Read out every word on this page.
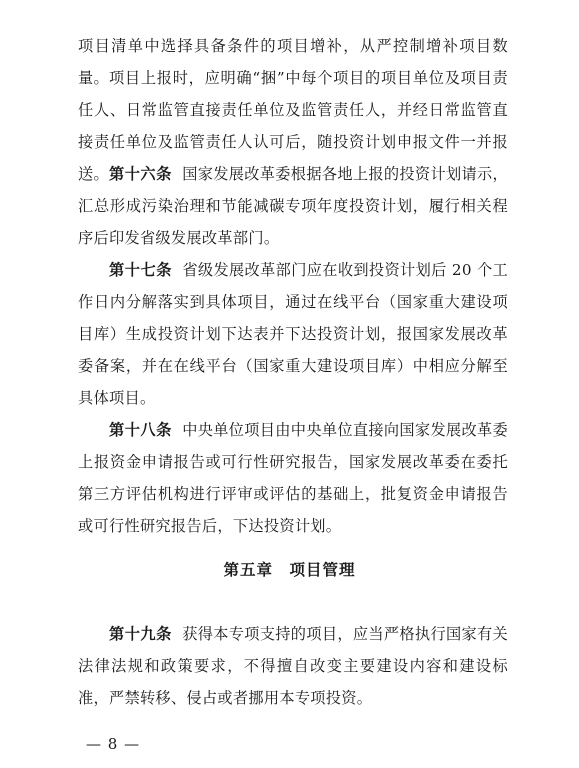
项目清单中选择具备条件的项目增补，从严控制增补项目数量。 项目上报时，应明确“捆”中每个项目的项目单位及项目责任人、日常监管直接责任单位及监管责任人，并经日常监管直接责任单位及监管责任人认可后，随投资计划申报文件一并报送。 第十六条 国家发展改革委根据各地上报的投资计划请示，汇总形成污染治理和节能减碳专项年度投资计划，履行相关程序后印发省级发展改革部门。

第十七条 省级发展改革部门应在收到投资计划后 20 个工作日内分解落实到具体项目，通过在线平台（国家重大建设项目库）生成投资计划下达表并下达投资计划，报国家发展改革委备案，并在在线平台（国家重大建设项目库）中相应分解至具体项目。

第十八条 中央单位项目由中央单位直接向国家发展改革委上报资金申请报告或可行性研究报告，国家发展改革委在委托第三方评估机构进行评审或评估的基础上，批复资金申请报告或可行性研究报告后，下达投资计划。

第五章　项目管理

第十九条 获得本专项支持的项目，应当严格执行国家有关法律法规和政策要求，不得擅自改变主要建设内容和建设标准，严禁转移、侵占或者挪用本专项投资。

— 8 —
